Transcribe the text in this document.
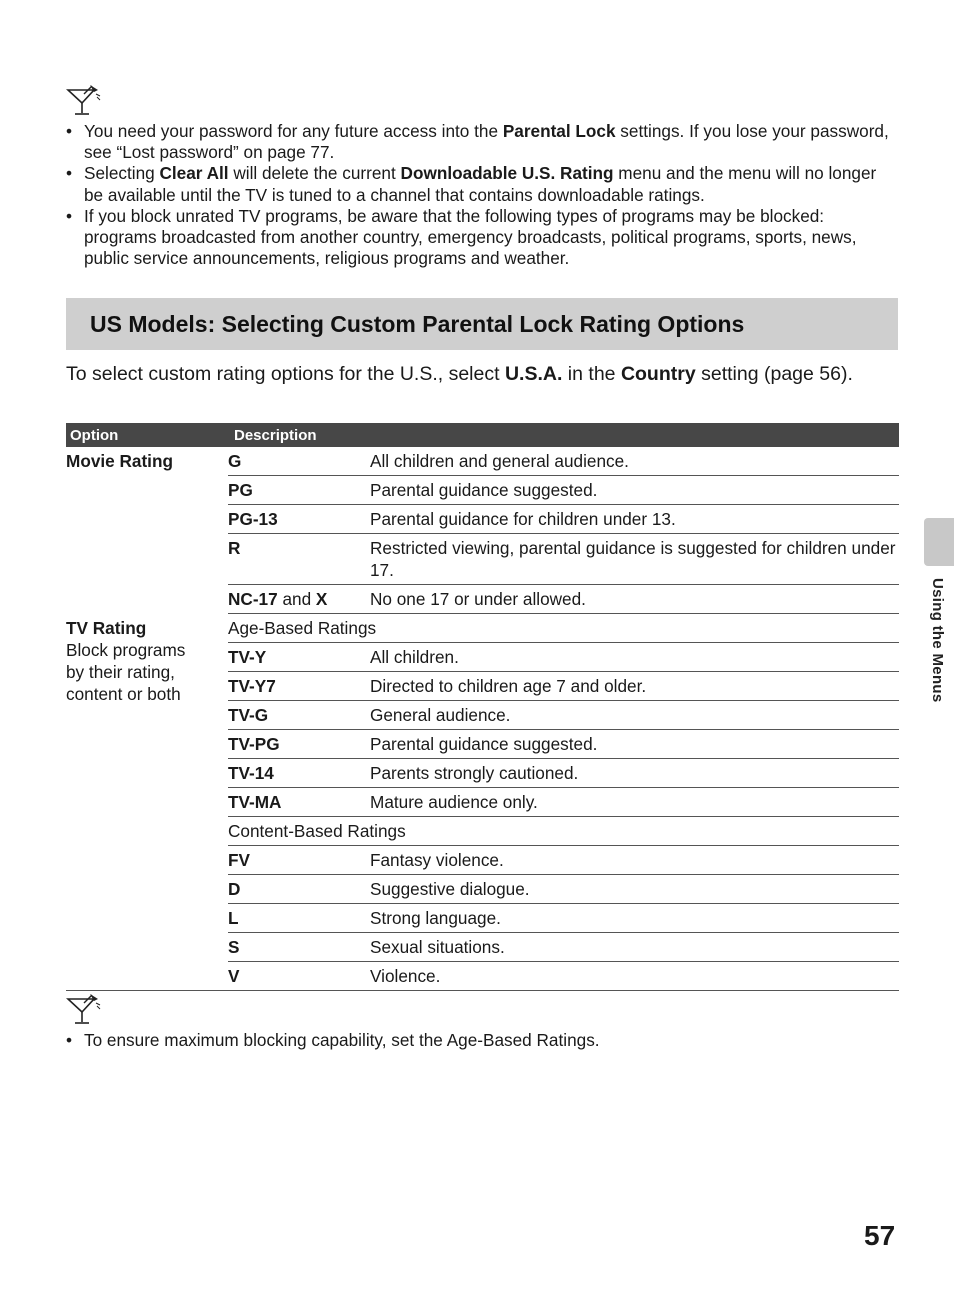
• You need your password for any future access into the Parental Lock settings. If you lose your password, see “Lost password” on page 77.
• Selecting Clear All will delete the current Downloadable U.S. Rating menu and the menu will no longer be available until the TV is tuned to a channel that contains downloadable ratings.
• If you block unrated TV programs, be aware that the following types of programs may be blocked: programs broadcasted from another country, emergency broadcasts, political programs, sports, news, public service announcements, religious programs and weather.
US Models: Selecting Custom Parental Lock Rating Options

To select custom rating options for the U.S., select U.S.A. in the Country setting (page 56).

Option	Description	

Movie Rating	G	All children and general audience.
	PG	Parental guidance suggested.
	PG-13	Parental guidance for children under 13.
	R	Restricted viewing, parental guidance is suggested for children under 17.
	NC-17 and X	No one 17 or under allowed.

TV Rating
Block programs
by their rating,
content or both	Age-Based Ratings	
	TV-Y	All children.
	TV-Y7	Directed to children age 7 and older.
	TV-G	General audience.
	TV-PG	Parental guidance suggested.
	TV-14	Parents strongly cautioned.
	TV-MA	Mature audience only.
	Content-Based Ratings	
	FV	Fantasy violence.
	D	Suggestive dialogue.
	L	Strong language.
	S	Sexual situations.
	V	Violence.
• To ensure maximum blocking capability, set the Age-Based Ratings.
Using the Menus
57
